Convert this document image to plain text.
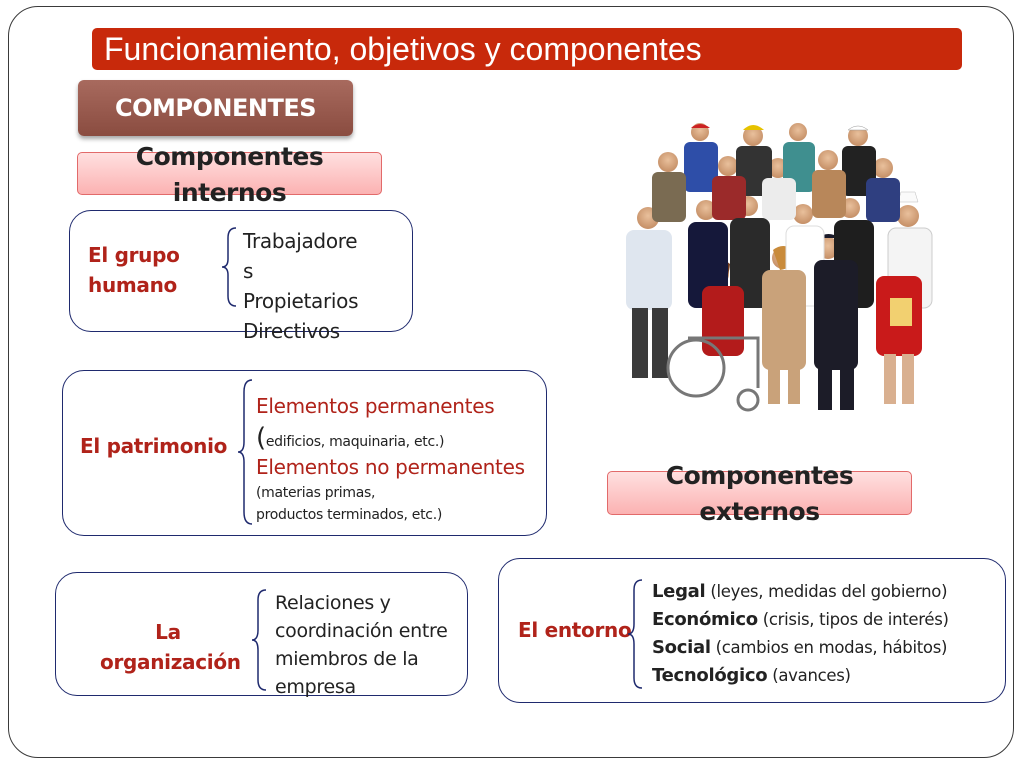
Funcionamiento, objetivos y componentes
COMPONENTES
Componentes
internos
El grupo
humano
Trabajadore
s
Propietarios
Directivos
El patrimonio
Elementos permanentes
(edificios, maquinaria, etc.)
Elementos no permanentes
(materias primas,
productos terminados, etc.)
Componentes
externos
La
organización
Relaciones y
coordinación entre
miembros de la
empresa
El entorno
Legal (leyes, medidas del gobierno)
Económico (crisis, tipos de interés)
Social (cambios en modas, hábitos)
Tecnológico (avances)
